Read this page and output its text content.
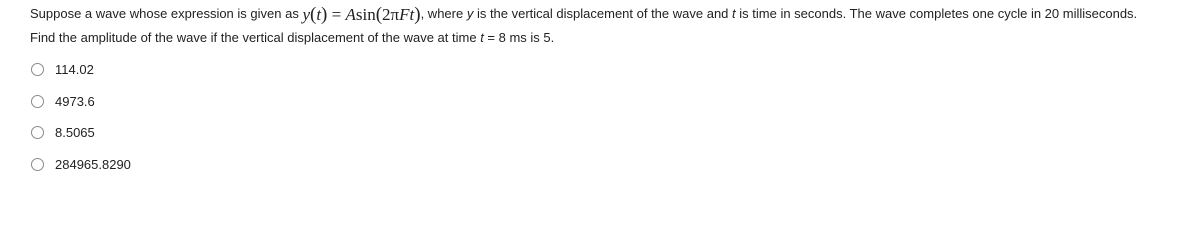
Suppose a wave whose expression is given as y(t) = Asin(2πFt), where y is the vertical displacement of the wave and t is time in seconds. The wave completes one cycle in 20 milliseconds.
Find the amplitude of the wave if the vertical displacement of the wave at time t = 8 ms is 5.
114.02
4973.6
8.5065
284965.8290
